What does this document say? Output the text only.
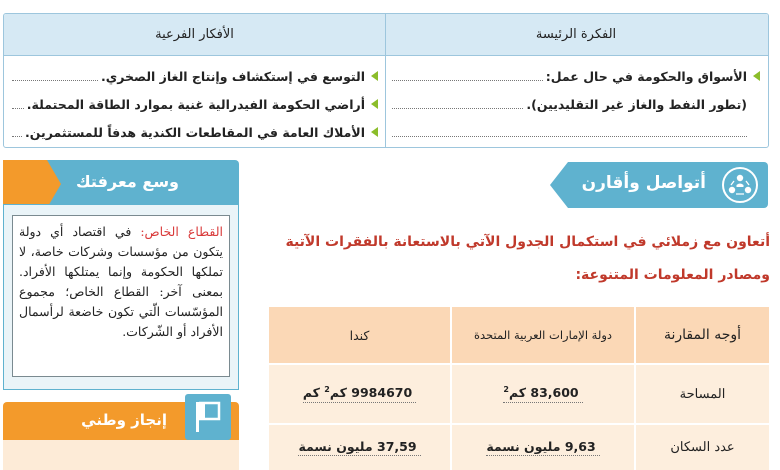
الفكرة الرئيسة
الأفكار الفرعية
الأسواق والحكومة في حال عمل:
(تطور النفط والغاز غير التقليديين).
التوسع في إستكشاف وإنتاج الغاز الصخري.
أراضي الحكومة الفيدرالية غنية بموارد الطاقة المحتملة.
الأملاك العامة في المقاطعات الكندية هدفاً للمستثمرين.
وسع معرفتك
القطاع الخاص: في اقتصاد أي دولة يتكون من مؤسسات وشركات خاصة، لا تملكها الحكومة وإنما يمتلكها الأفراد. بمعنى آخر: القطاع الخاص؛ مجموع المؤسّسات الّتي تكون خاضعة لرأسمال الأفراد أو الشّركات.
إنجاز وطني
أتواصل وأقارن
أتعاون مع زملائي في استكمال الجدول الآتي بالاستعانة بالفقرات الآتية ومصادر المعلومات المتنوعة:
أوجه المقارنة
دولة الإمارات العربية المتحدة
كندا
المساحة
83,600 كم$^2$
9984670 كم$^2$ كم
عدد السكان
9,63 مليون نسمة
37,59 مليون نسمة
